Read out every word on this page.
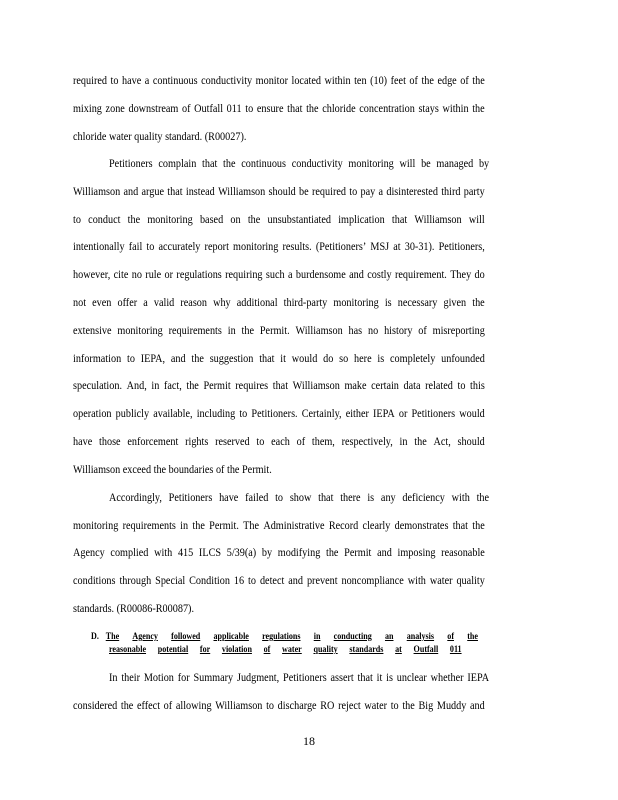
required to have a continuous conductivity monitor located within ten (10) feet of the edge of the
mixing zone downstream of Outfall 011 to ensure that the chloride concentration stays within the
chloride water quality standard. (R00027).
Petitioners complain that the continuous conductivity monitoring will be managed by
Williamson and argue that instead Williamson should be required to pay a disinterested third party
to conduct the monitoring based on the unsubstantiated implication that Williamson will
intentionally fail to accurately report monitoring results. (Petitioners’ MSJ at 30-31). Petitioners,
however, cite no rule or regulations requiring such a burdensome and costly requirement. They do
not even offer a valid reason why additional third-party monitoring is necessary given the
extensive monitoring requirements in the Permit. Williamson has no history of misreporting
information to IEPA, and the suggestion that it would do so here is completely unfounded
speculation. And, in fact, the Permit requires that Williamson make certain data related to this
operation publicly available, including to Petitioners. Certainly, either IEPA or Petitioners would
have those enforcement rights reserved to each of them, respectively, in the Act, should
Williamson exceed the boundaries of the Permit.
Accordingly, Petitioners have failed to show that there is any deficiency with the
monitoring requirements in the Permit. The Administrative Record clearly demonstrates that the
Agency complied with 415 ILCS 5/39(a) by modifying the Permit and imposing reasonable
conditions through Special Condition 16 to detect and prevent noncompliance with water quality
standards. (R00086-R00087).
D. The Agency followed applicable regulations in conducting an analysis of the
reasonable potential for violation of water quality standards at Outfall 011
In their Motion for Summary Judgment, Petitioners assert that it is unclear whether IEPA
considered the effect of allowing Williamson to discharge RO reject water to the Big Muddy and
18
